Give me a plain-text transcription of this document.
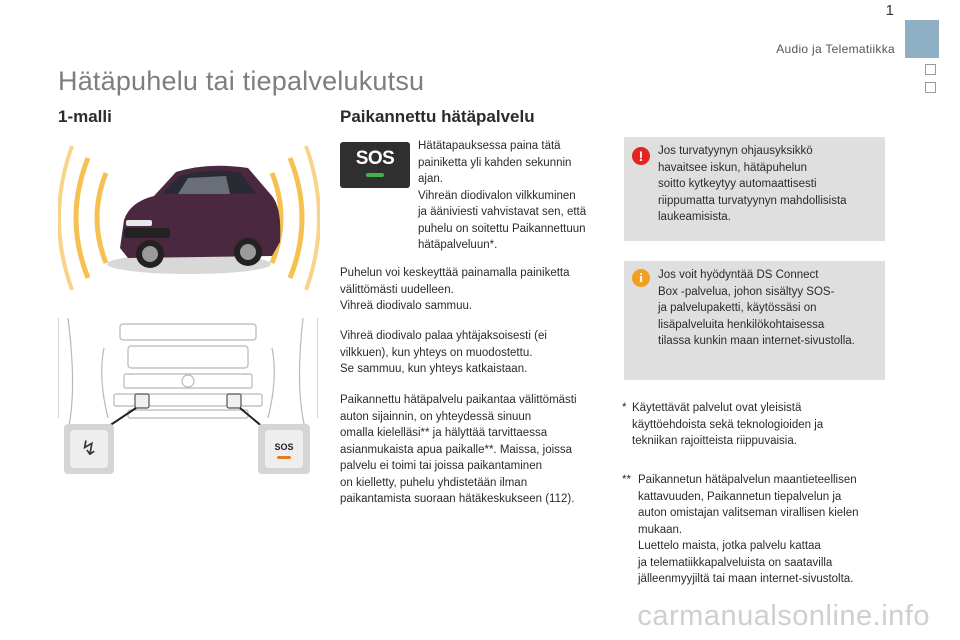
1
Audio ja Telematiikka
Hätäpuhelu tai tiepalvelukutsu
1-malli	Paikannettu hätäpalvelu
↯	SOS
SOS
Hätätapauksessa paina tätä
painiketta yli kahden sekunnin
ajan.
Vihreän diodivalon vilkkuminen
ja ääniviesti vahvistavat sen, että
puhelu on soitettu Paikannettuun
hätäpalveluun*.
Puhelun voi keskeyttää painamalla painiketta
välittömästi uudelleen.
Vihreä diodivalo sammuu.
Vihreä diodivalo palaa yhtäjaksoisesti (ei
vilkkuen), kun yhteys on muodostettu.
Se sammuu, kun yhteys katkaistaan.
Paikannettu hätäpalvelu paikantaa välittömästi
auton sijainnin, on yhteydessä sinuun
omalla kielelläsi** ja hälyttää tarvittaessa
asianmukaista apua paikalle**. Maissa, joissa
palvelu ei toimi tai joissa paikantaminen
on kielletty, puhelu yhdistetään ilman
paikantamista suoraan hätäkeskukseen (112).
!	Jos turvatyynyn ohjausyksikkö
havaitsee iskun, hätäpuhelun
soitto kytkeytyy automaattisesti
riippumatta turvatyynyn mahdollisista
laukeamisista.
i	Jos voit hyödyntää DS Connect
Box -palvelua, johon sisältyy SOS-
ja palvelupaketti, käytössäsi on
lisäpalveluita henkilökohtaisessa
tilassa kunkin maan internet-sivustolla.
* Käytettävät palvelut ovat yleisistä
käyttöehdoista sekä teknologioiden ja
tekniikan rajoitteista riippuvaisia.
** Paikannetun hätäpalvelun maantieteellisen
kattavuuden, Paikannetun tiepalvelun ja
auton omistajan valitseman virallisen kielen
mukaan.
Luettelo maista, jotka palvelu kattaa
ja telematiikkapalveluista on saatavilla
jälleenmyyjiltä tai maan internet-sivustolta.
carmanualsonline.info
